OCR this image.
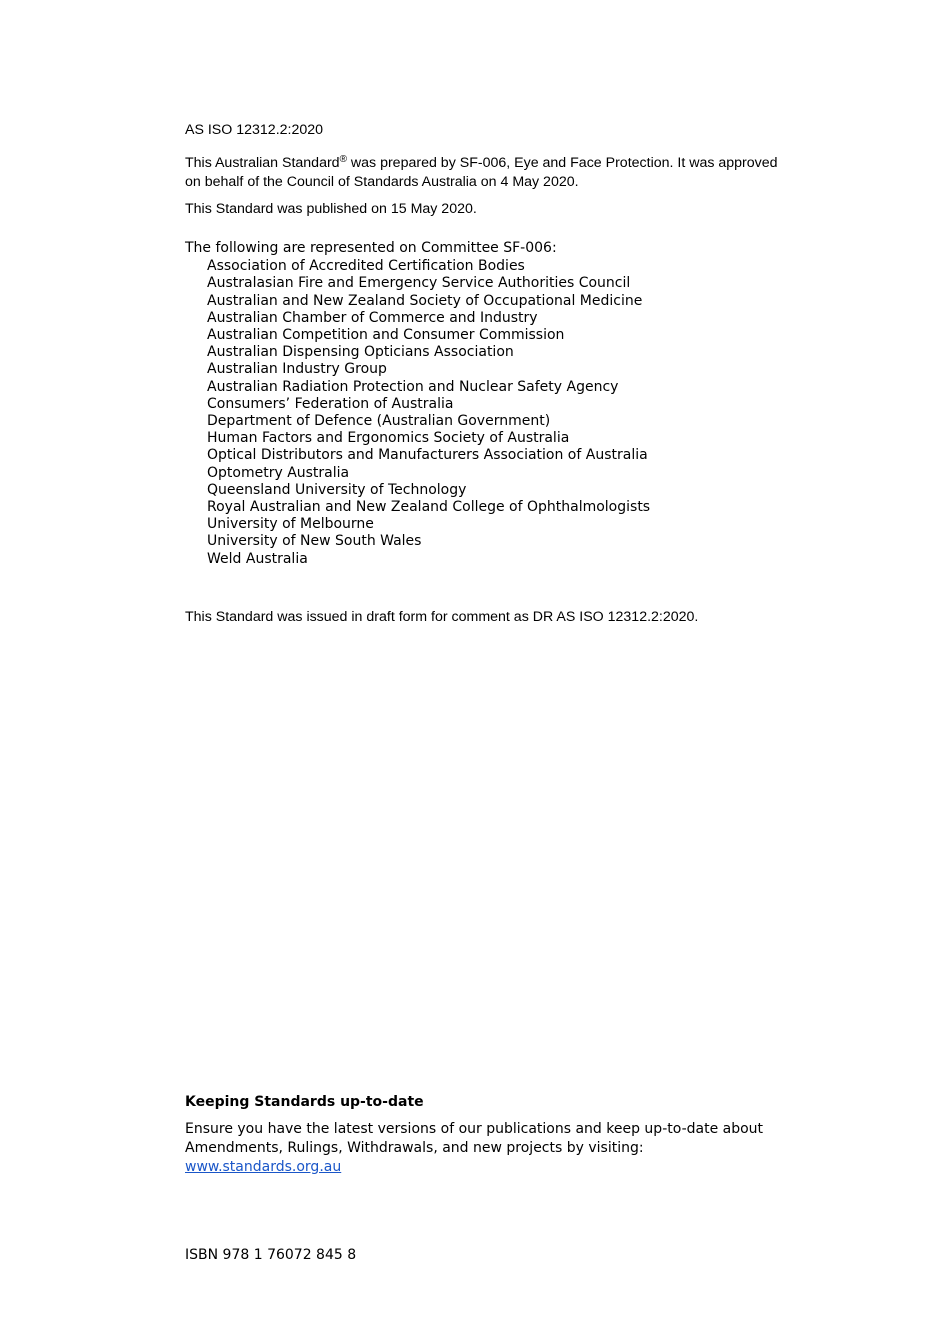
AS ISO 12312.2:2020
This Australian Standard® was prepared by SF-006, Eye and Face Protection. It was approved on behalf of the Council of Standards Australia on 4 May 2020.
This Standard was published on 15 May 2020.
The following are represented on Committee SF-006:
Association of Accredited Certification Bodies
Australasian Fire and Emergency Service Authorities Council
Australian and New Zealand Society of Occupational Medicine
Australian Chamber of Commerce and Industry
Australian Competition and Consumer Commission
Australian Dispensing Opticians Association
Australian Industry Group
Australian Radiation Protection and Nuclear Safety Agency
Consumers’ Federation of Australia
Department of Defence (Australian Government)
Human Factors and Ergonomics Society of Australia
Optical Distributors and Manufacturers Association of Australia
Optometry Australia
Queensland University of Technology
Royal Australian and New Zealand College of Ophthalmologists
University of Melbourne
University of New South Wales
Weld Australia
This Standard was issued in draft form for comment as DR AS ISO 12312.2:2020.
Keeping Standards up-to-date
Ensure you have the latest versions of our publications and keep up-to-date about Amendments, Rulings, Withdrawals, and new projects by visiting:
www.standards.org.au
ISBN 978 1 76072 845 8
